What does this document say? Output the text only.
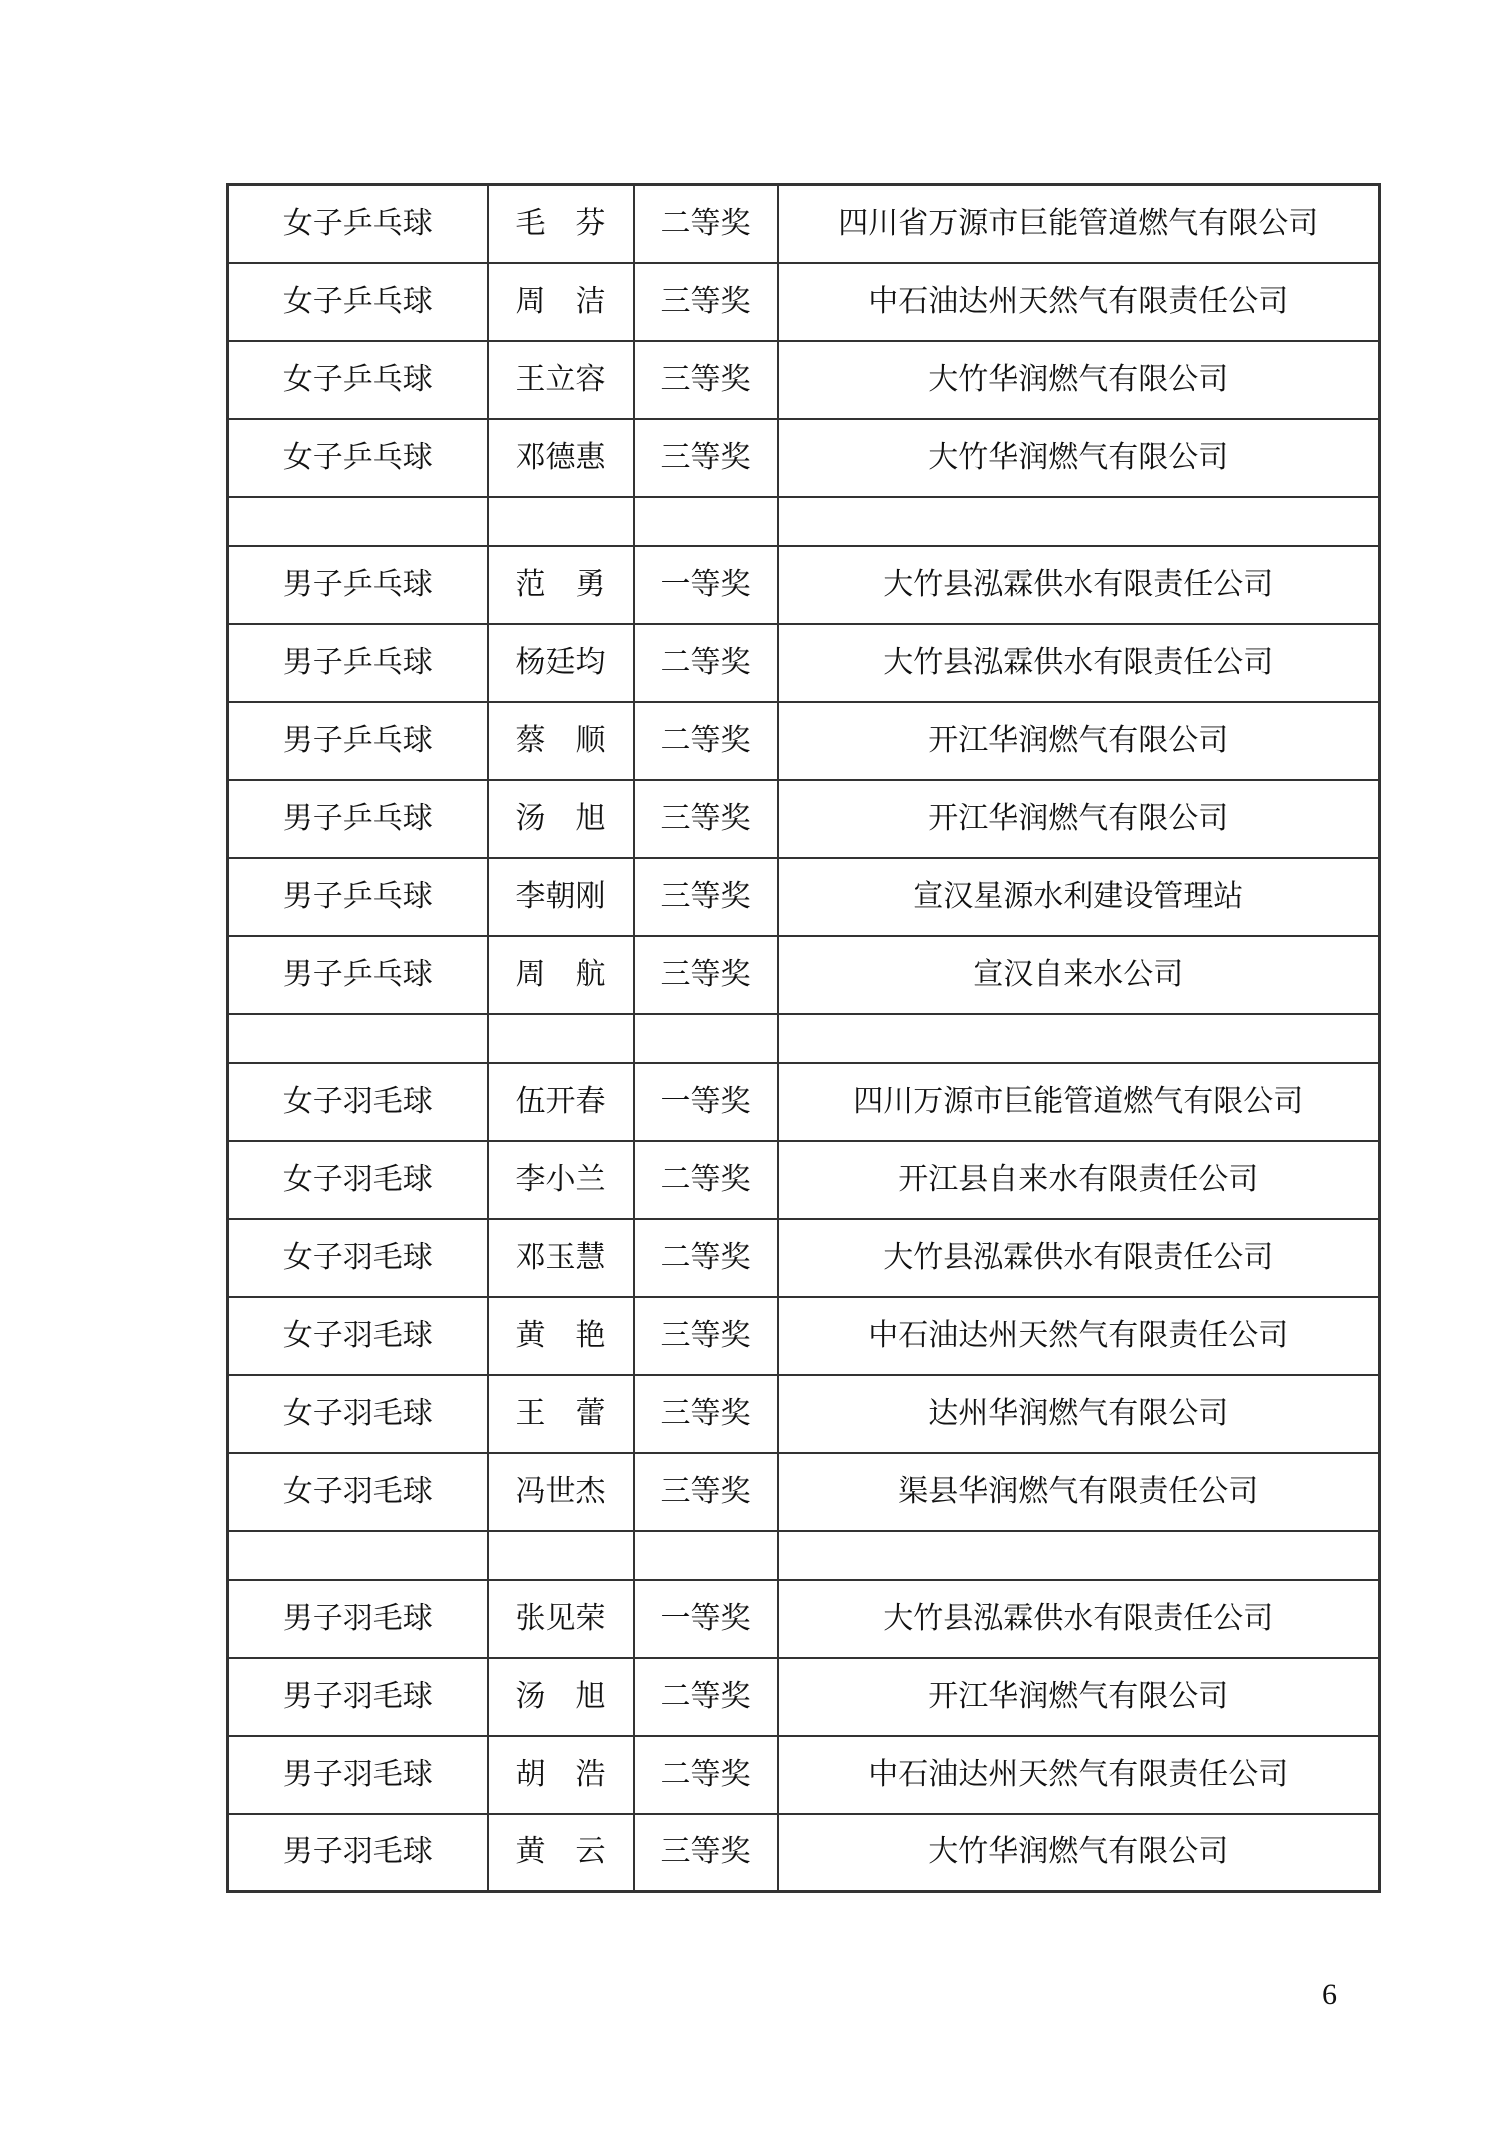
女子乒乓球	毛　芬	二等奖	四川省万源市巨能管道燃气有限公司
女子乒乓球	周　洁	三等奖	中石油达州天然气有限责任公司
女子乒乓球	王立容	三等奖	大竹华润燃气有限公司
女子乒乓球	邓德惠	三等奖	大竹华润燃气有限公司

男子乒乓球	范　勇	一等奖	大竹县泓霖供水有限责任公司
男子乒乓球	杨廷均	二等奖	大竹县泓霖供水有限责任公司
男子乒乓球	蔡　顺	二等奖	开江华润燃气有限公司
男子乒乓球	汤　旭	三等奖	开江华润燃气有限公司
男子乒乓球	李朝刚	三等奖	宣汉星源水利建设管理站
男子乒乓球	周　航	三等奖	宣汉自来水公司

女子羽毛球	伍开春	一等奖	四川万源市巨能管道燃气有限公司
女子羽毛球	李小兰	二等奖	开江县自来水有限责任公司
女子羽毛球	邓玉慧	二等奖	大竹县泓霖供水有限责任公司
女子羽毛球	黄　艳	三等奖	中石油达州天然气有限责任公司
女子羽毛球	王　蕾	三等奖	达州华润燃气有限公司
女子羽毛球	冯世杰	三等奖	渠县华润燃气有限责任公司

男子羽毛球	张见荣	一等奖	大竹县泓霖供水有限责任公司
男子羽毛球	汤　旭	二等奖	开江华润燃气有限公司
男子羽毛球	胡　浩	二等奖	中石油达州天然气有限责任公司
男子羽毛球	黄　云	三等奖	大竹华润燃气有限公司
6
